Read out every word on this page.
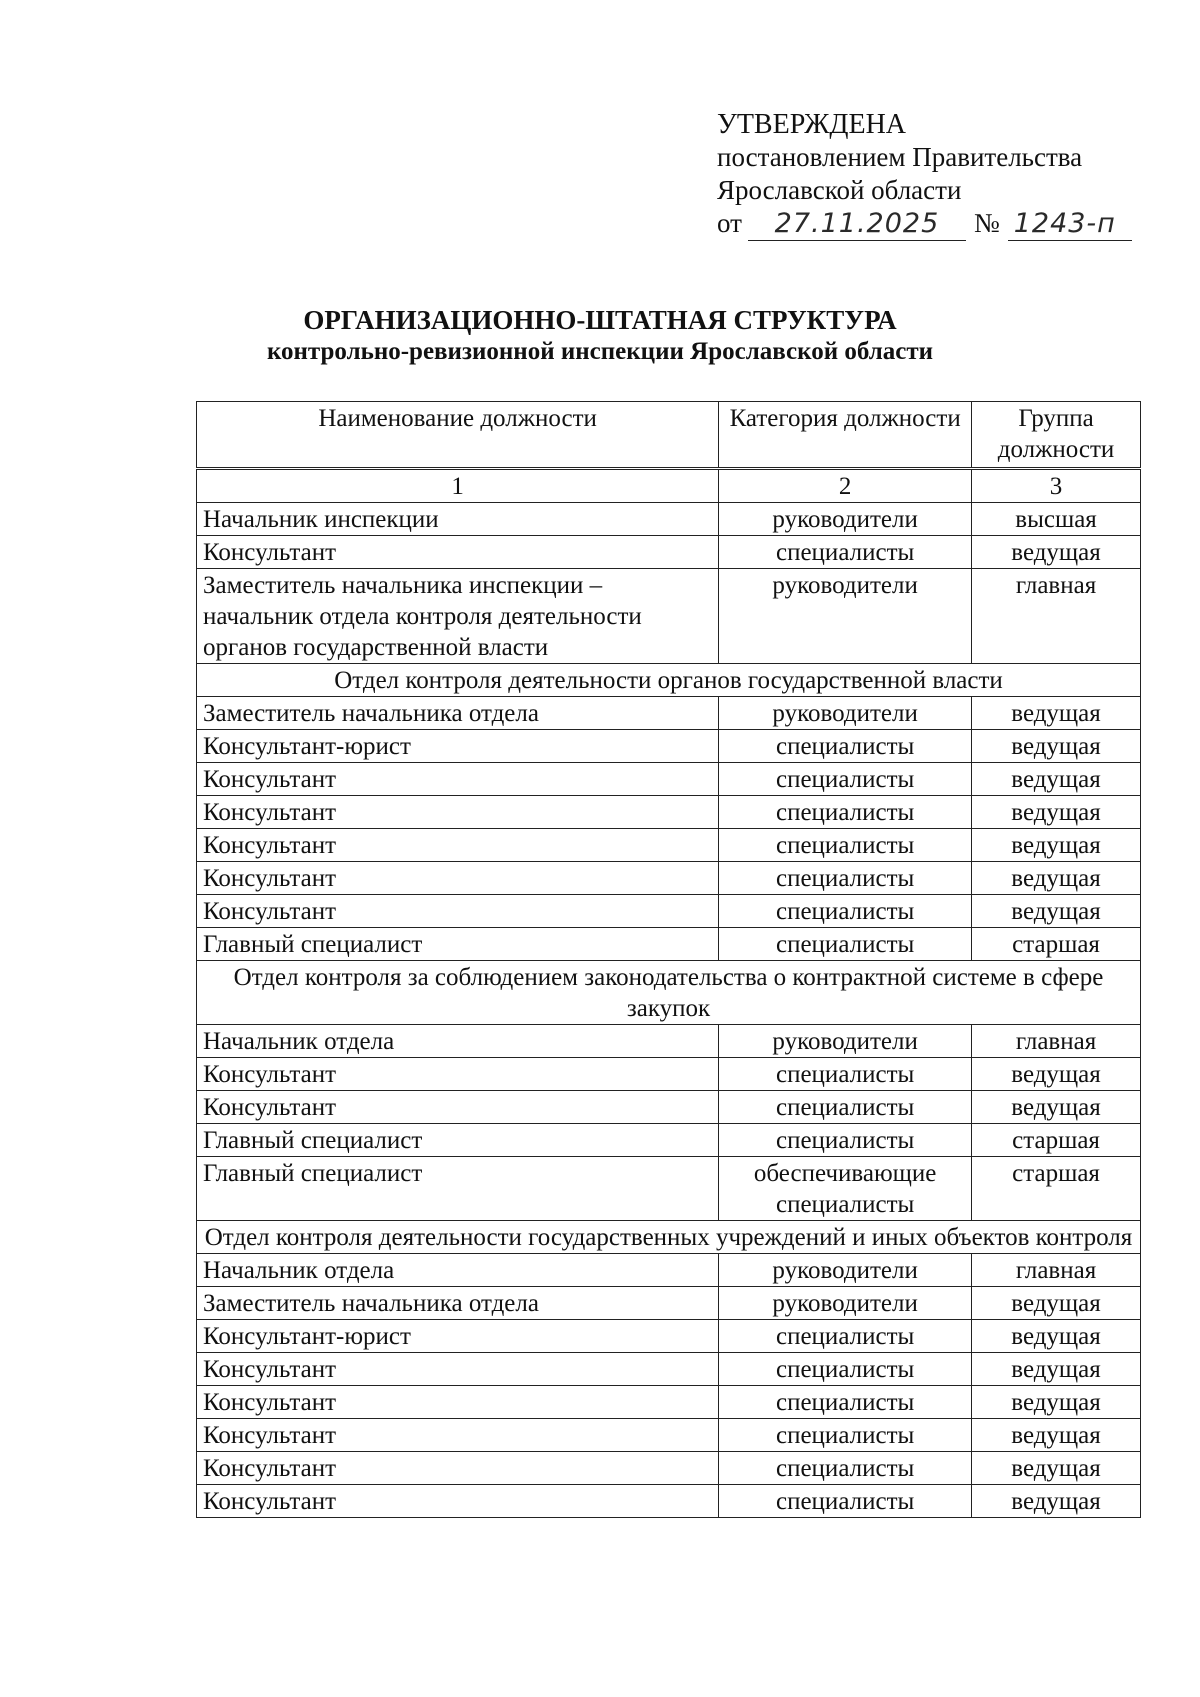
УТВЕРЖДЕНА
постановлением Правительства
Ярославской области
от 27.11.2025 № 1243-п
ОРГАНИЗАЦИОННО-ШТАТНАЯ СТРУКТУРА
контрольно-ревизионной инспекции Ярославской области
Наименование должности	Категория должности	Группа должности
1	2	3
Начальник инспекции	руководители	высшая
Консультант	специалисты	ведущая
Заместитель начальника инспекции – начальник отдела контроля деятельности органов государственной власти	руководители	главная
Отдел контроля деятельности органов государственной власти		
Заместитель начальника отдела	руководители	ведущая
Консультант-юрист	специалисты	ведущая
Консультант	специалисты	ведущая
Консультант	специалисты	ведущая
Консультант	специалисты	ведущая
Консультант	специалисты	ведущая
Консультант	специалисты	ведущая
Главный специалист	специалисты	старшая
Отдел контроля за соблюдением законодательства о контрактной системе в сфере закупок		
Начальник отдела	руководители	главная
Консультант	специалисты	ведущая
Консультант	специалисты	ведущая
Главный специалист	специалисты	старшая
Главный специалист	обеспечивающие специалисты	старшая
Отдел контроля деятельности государственных учреждений и иных объектов контроля		
Начальник отдела	руководители	главная
Заместитель начальника отдела	руководители	ведущая
Консультант-юрист	специалисты	ведущая
Консультант	специалисты	ведущая
Консультант	специалисты	ведущая
Консультант	специалисты	ведущая
Консультант	специалисты	ведущая
Консультант	специалисты	ведущая
